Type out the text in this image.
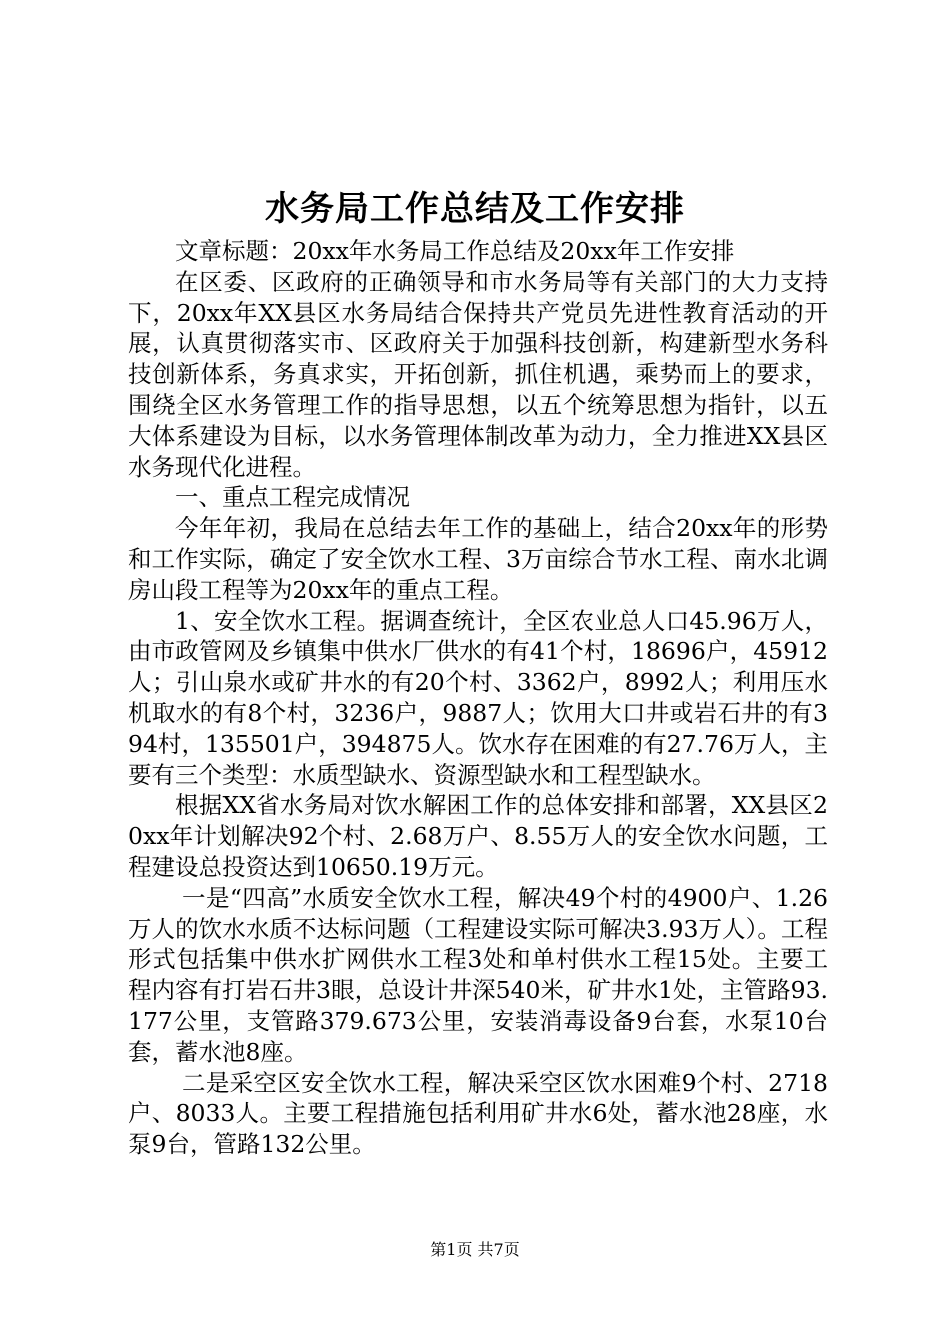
水务局工作总结及工作安排

文章标题：20xx年水务局工作总结及20xx年工作安排

在区委、区政府的正确领导和市水务局等有关部门的大力支持下，20xx年XX县区水务局结合保持共产党员先进性教育活动的开展，认真贯彻落实市、区政府关于加强科技创新，构建新型水务科技创新体系，务真求实，开拓创新，抓住机遇，乘势而上的要求，围绕全区水务管理工作的指导思想，以五个统筹思想为指针，以五大体系建设为目标，以水务管理体制改革为动力，全力推进XX县区水务现代化进程。

一、重点工程完成情况

今年年初，我局在总结去年工作的基础上，结合20xx年的形势和工作实际，确定了安全饮水工程、3万亩综合节水工程、南水北调房山段工程等为20xx年的重点工程。

1、安全饮水工程。据调查统计，全区农业总人口45.96万人，由市政管网及乡镇集中供水厂供水的有41个村，18696户，45912人；引山泉水或矿井水的有20个村、3362户，8992人；利用压水机取水的有8个村，3236户，9887人；饮用大口井或岩石井的有394村，135501户，394875人。饮水存在困难的有27.76万人，主要有三个类型：水质型缺水、资源型缺水和工程型缺水。

根据XX省水务局对饮水解困工作的总体安排和部署，XX县区20xx年计划解决92个村、2.68万户、8.55万人的安全饮水问题，工程建设总投资达到10650.19万元。

一是“四高”水质安全饮水工程，解决49个村的4900户、1.26万人的饮水水质不达标问题（工程建设实际可解决3.93万人）。工程形式包括集中供水扩网供水工程3处和单村供水工程15处。主要工程内容有打岩石井3眼，总设计井深540米，矿井水1处，主管路93.177公里，支管路379.673公里，安装消毒设备9台套，水泵10台套，蓄水池8座。

二是采空区安全饮水工程，解决采空区饮水困难9个村、2718户、8033人。主要工程措施包括利用矿井水6处，蓄水池28座，水泵9台，管路132公里。

第1页 共7页
